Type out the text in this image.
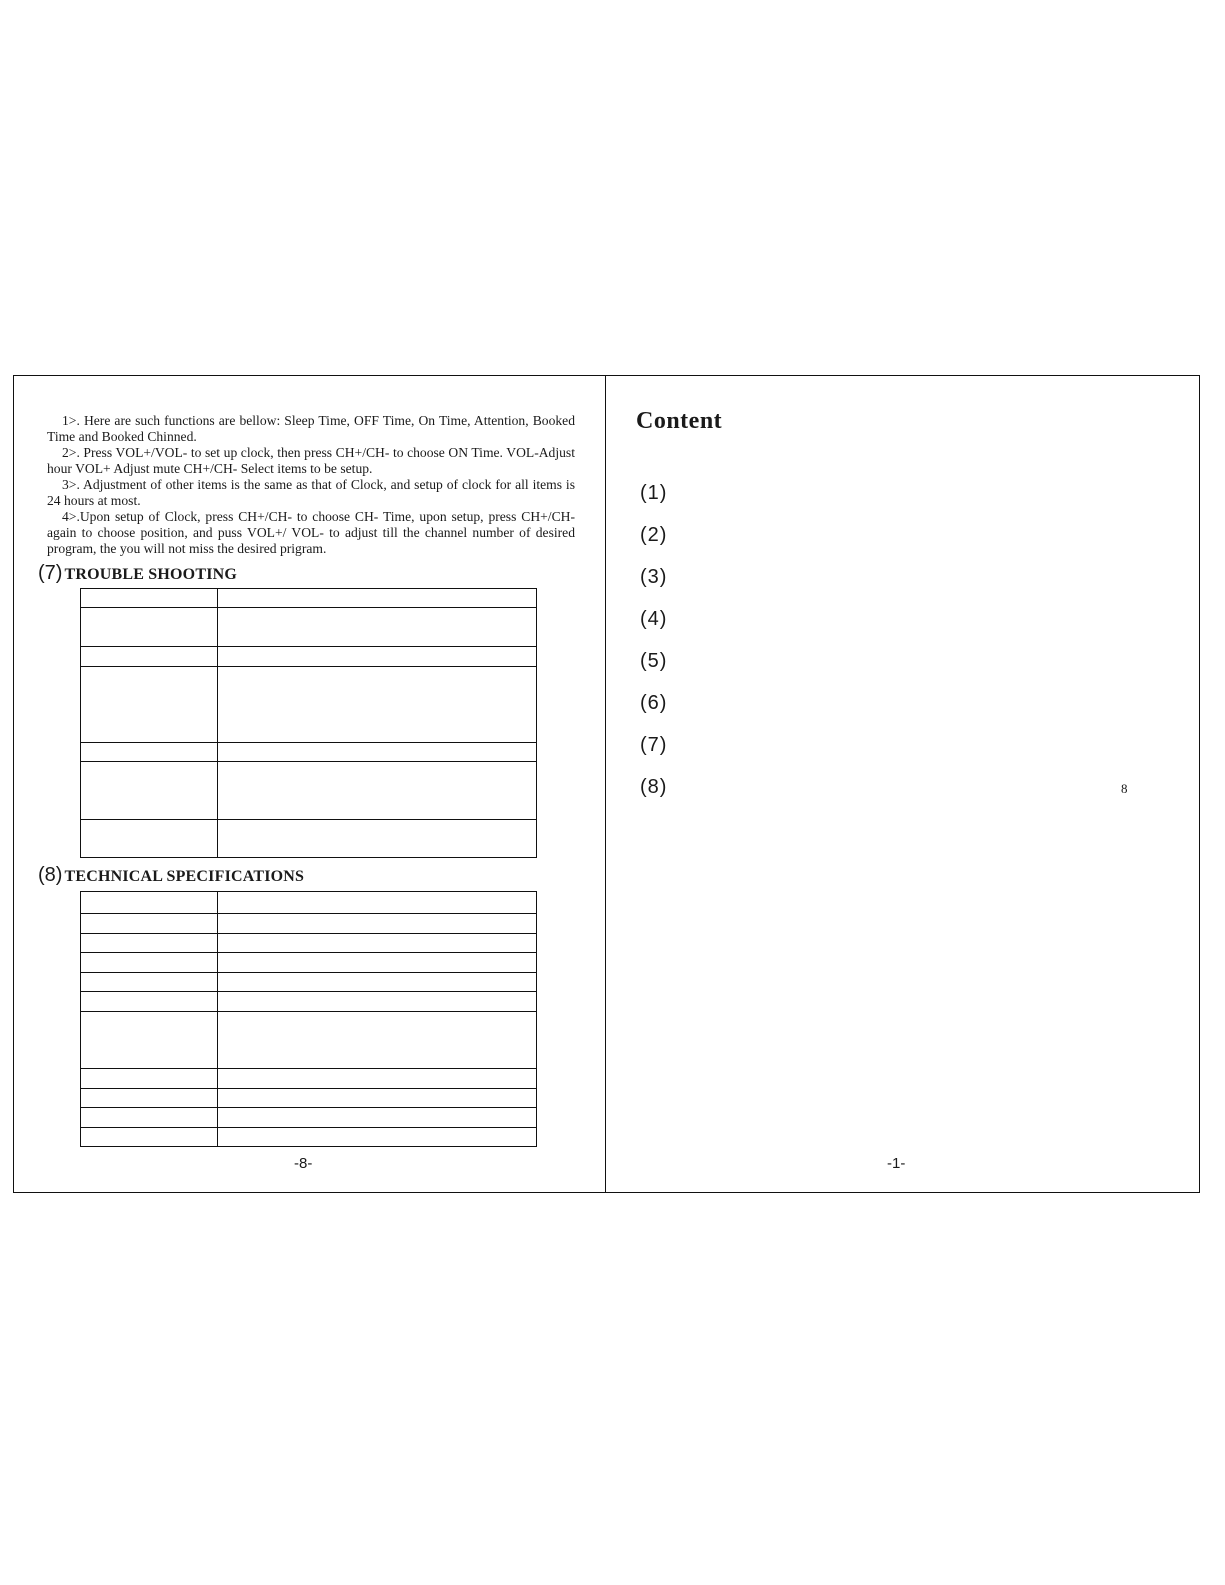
1>. Here are such functions are bellow: Sleep Time, OFF Time, On Time, Attention, Booked Time and Booked Chinned.

2>. Press VOL+/VOL- to set up clock, then press CH+/CH- to choose ON Time. VOL-Adjust hour VOL+ Adjust mute CH+/CH- Select items to be setup.

3>. Adjustment of other items is the same as that of Clock, and setup of clock for all items is 24 hours at most.

4>.Upon setup of Clock, press CH+/CH- to choose CH- Time, upon setup, press CH+/CH- again to choose position, and puss VOL+/ VOL- to adjust till the channel number of desired program, the you will not miss the desired prigram.

(7) TROUBLE SHOOTING

(8) TECHNICAL SPECIFICATIONS

-8-
Content
(1)
(2)
(3)
(4)
(5)
(6)
(7)
(8)	8
-1-
